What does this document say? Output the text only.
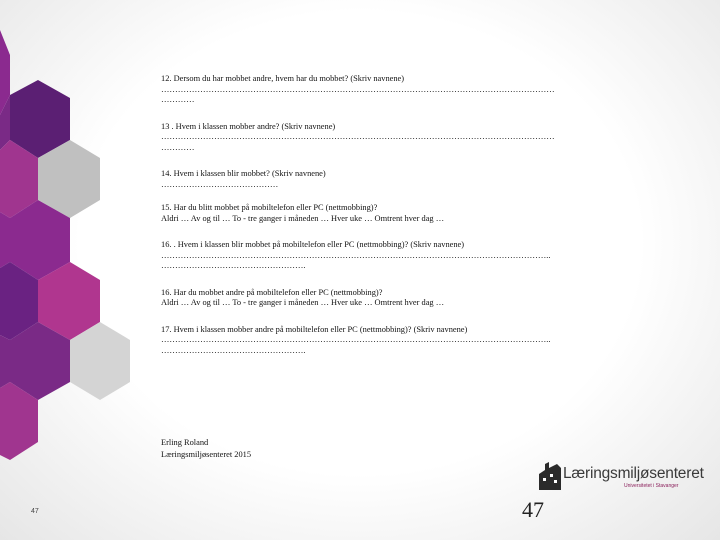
12. Dersom du har mobbet andre, hvem har du mobbet? (Skriv navnene)

……………………………………………………………………………………………………………………………

…………

13 . Hvem i klassen mobber andre? (Skriv navnene)

……………………………………………………………………………………………………………………………

…………

14. Hvem i klassen blir mobbet? (Skriv navnene)

……………………………………

15. Har du blitt mobbet på mobiltelefon eller PC (nettmobbing)?

Aldri … Av og til … To - tre ganger i måneden … Hver uke … Omtrent hver dag …

16. . Hvem i klassen blir mobbet på mobiltelefon eller PC (nettmobbing)? (Skriv navnene)

…………………………………………………………………………………………………………………………..

…………………………………………….

16. Har du mobbet andre på mobiltelefon eller PC (nettmobbing)?

Aldri … Av og til … To - tre ganger i måneden … Hver uke … Omtrent hver dag …

17. Hvem i klassen mobber andre på mobiltelefon eller PC (nettmobbing)? (Skriv navnene)

…………………………………………………………………………………………………………………………..

…………………………………………….

Erling Roland

Læringsmiljøsenteret 2015

Læringsmiljøsenteret
Universitetet i Stavanger
47
47
